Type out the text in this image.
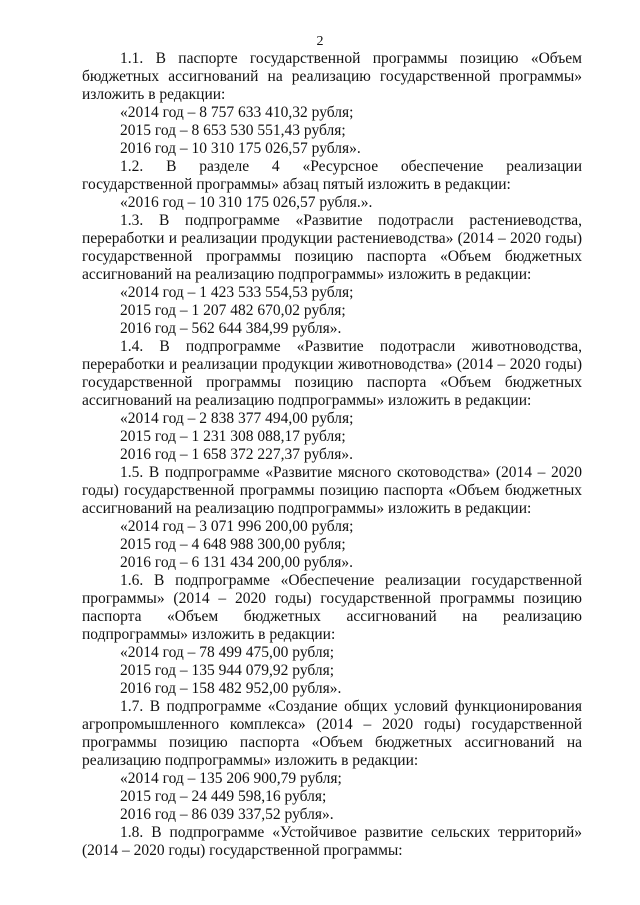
2

1.1. В паспорте государственной программы позицию «Объем бюджетных ассигнований на реализацию государственной программы» изложить в редакции:

«2014 год – 8 757 633 410,32 рубля;

2015 год – 8 653 530 551,43 рубля;

2016 год – 10 310 175 026,57 рубля».

1.2. В разделе 4 «Ресурсное обеспечение реализации государственной программы» абзац пятый изложить в редакции:

«2016 год – 10 310 175 026,57 рубля.».

1.3. В подпрограмме «Развитие подотрасли растениеводства, переработки и реализации продукции растениеводства» (2014 – 2020 годы) государственной программы позицию паспорта «Объем бюджетных ассигнований на реализацию подпрограммы» изложить в редакции:

«2014 год – 1 423 533 554,53 рубля;

2015 год – 1 207 482 670,02 рубля;

2016 год – 562 644 384,99 рубля».

1.4. В подпрограмме «Развитие подотрасли животноводства, переработки и реализации продукции животноводства» (2014 – 2020 годы) государственной программы позицию паспорта «Объем бюджетных ассигнований на реализацию подпрограммы» изложить в редакции:

«2014 год – 2 838 377 494,00 рубля;

2015 год – 1 231 308 088,17 рубля;

2016 год – 1 658 372 227,37 рубля».

1.5. В подпрограмме «Развитие мясного скотоводства» (2014 – 2020 годы) государственной программы позицию паспорта «Объем бюджетных ассигнований на реализацию подпрограммы» изложить в редакции:

«2014 год – 3 071 996 200,00 рубля;

2015 год – 4 648 988 300,00 рубля;

2016 год – 6 131 434 200,00 рубля».

1.6. В подпрограмме «Обеспечение реализации государственной программы» (2014 – 2020 годы) государственной программы позицию паспорта «Объем бюджетных ассигнований на реализацию подпрограммы» изложить в редакции:

«2014 год – 78 499 475,00 рубля;

2015 год – 135 944 079,92 рубля;

2016 год – 158 482 952,00 рубля».

1.7. В подпрограмме «Создание общих условий функционирования агропромышленного комплекса» (2014 – 2020 годы) государственной программы позицию паспорта «Объем бюджетных ассигнований на реализацию подпрограммы» изложить в редакции:

«2014 год – 135 206 900,79 рубля;

2015 год – 24 449 598,16 рубля;

2016 год – 86 039 337,52 рубля».

1.8. В подпрограмме «Устойчивое развитие сельских территорий» (2014 – 2020 годы) государственной программы:
